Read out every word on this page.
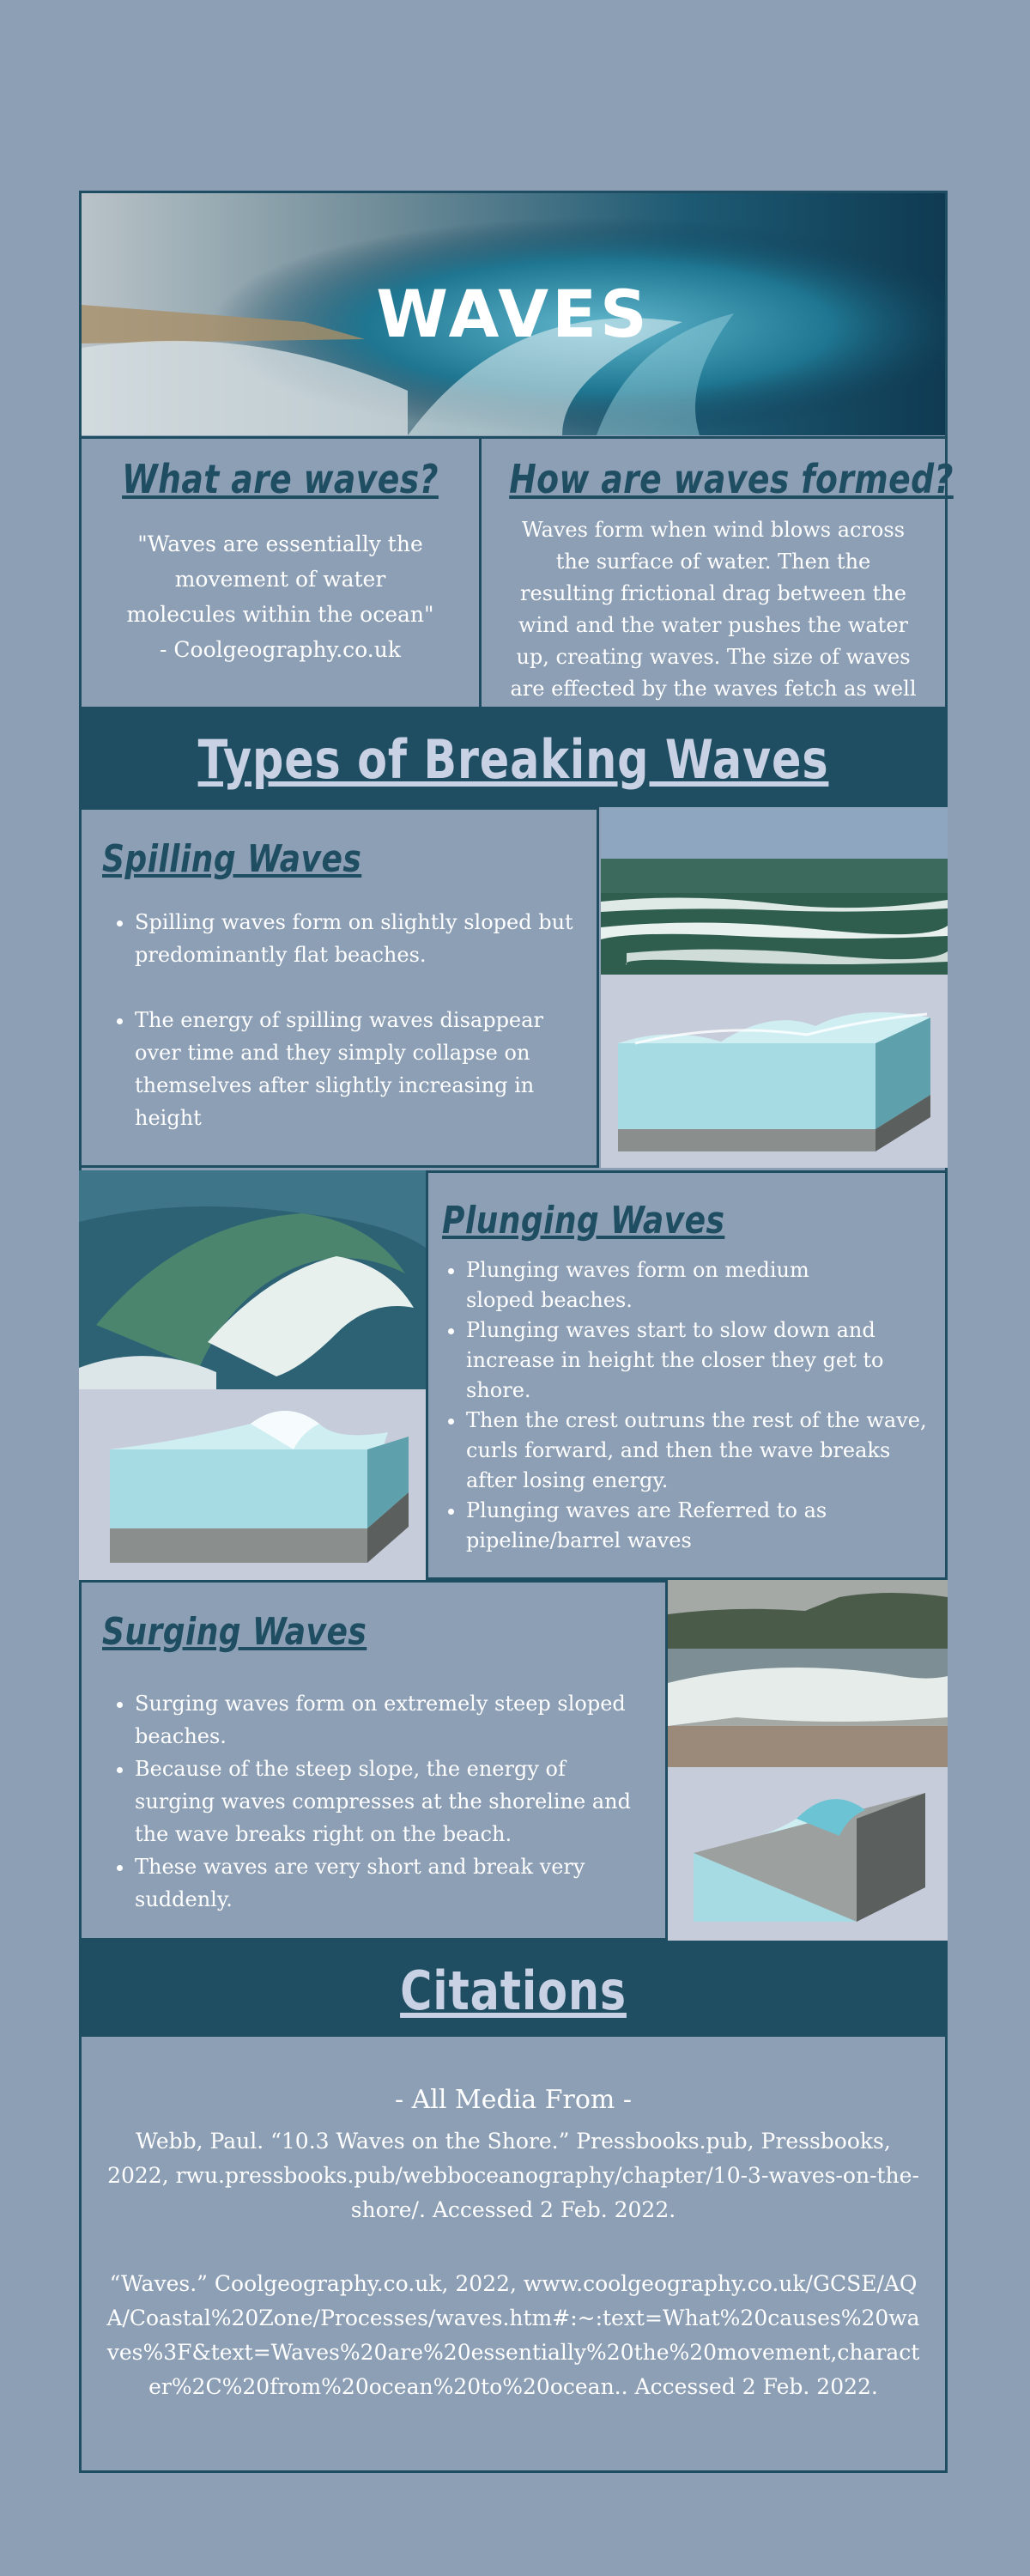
WAVES
What are waves?
"Waves are essentially the movement of water molecules within the ocean" - Coolgeography.co.uk
How are waves formed?
Waves form when wind blows across the surface of water. Then the resulting frictional drag between the wind and the water pushes the water up, creating waves. The size of waves are effected by the waves fetch as well
Types of Breaking Waves
Spilling Waves
• Spilling waves form on slightly sloped but predominantly flat beaches.
• The energy of spilling waves disappear over time and they simply collapse on themselves after slightly increasing in height
Plunging Waves
• Plunging waves form on medium sloped beaches.
• Plunging waves start to slow down and increase in height the closer they get to shore.
• Then the crest outruns the rest of the wave, curls forward, and then the wave breaks after losing energy.
• Plunging waves are Referred to as pipeline/barrel waves
Surging Waves
• Surging waves form on extremely steep sloped beaches.
• Because of the steep slope, the energy of surging waves compresses at the shoreline and the wave breaks right on the beach.
• These waves are very short and break very suddenly.
Citations
- All Media From -
Webb, Paul. “10.3 Waves on the Shore.” Pressbooks.pub, Pressbooks, 2022, rwu.pressbooks.pub/webboceanography/chapter/10-3-waves-on-the-shore/. Accessed 2 Feb. 2022.
“Waves.” Coolgeography.co.uk, 2022, www.coolgeography.co.uk/GCSE/AQA/Coastal%20Zone/Processes/waves.htm#:~:text=What%20causes%20waves%3F&text=Waves%20are%20essentially%20the%20movement,character%2C%20from%20ocean%20to%20ocean.. Accessed 2 Feb. 2022.
